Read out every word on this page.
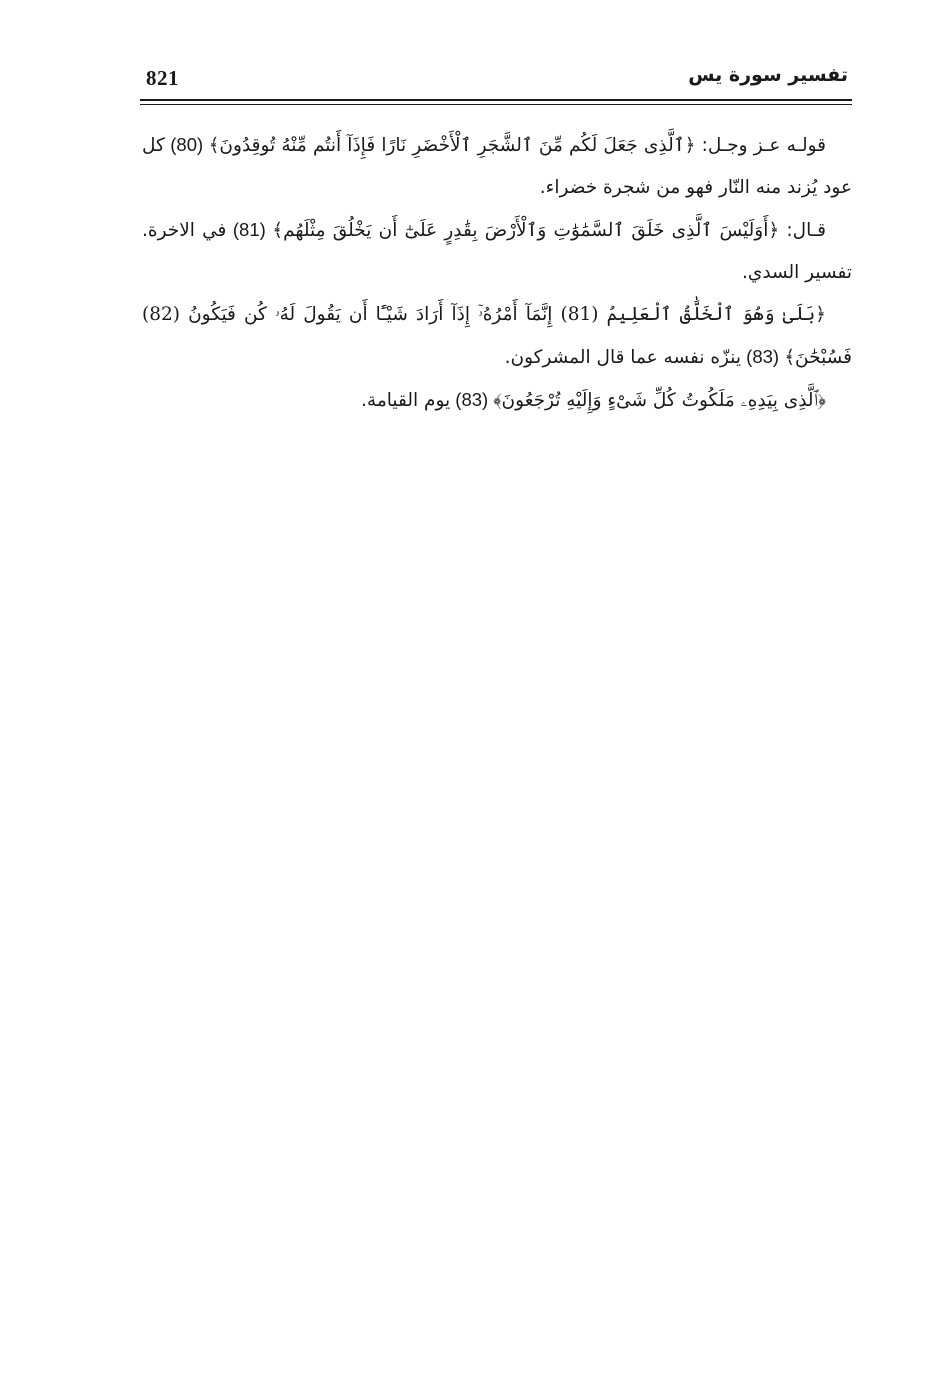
821	تفسير سورة يس

قولـه عـز وجـل: ﴿ٱلَّذِى جَعَلَ لَكُم مِّنَ ٱلشَّجَرِ ٱلْأَخْضَرِ نَارًا فَإِذَآ أَنتُم مِّنْهُ تُوقِدُونَ﴾ (80) كل عود يُزند منه النّار فهو من شجرة خضراء.

قـال: ﴿أَوَلَيْسَ ٱلَّذِى خَلَقَ ٱلسَّمَٰوَٰتِ وَٱلْأَرْضَ بِقَٰدِرٍ عَلَىٰٓ أَن يَخْلُقَ مِثْلَهُم﴾ (81) في الاخرة. تفسير السدي.

﴿بَلَىٰ وَهُوَ ٱلْخَلَّٰقُ ٱلْعَلِيمُ (81) إِنَّمَآ أَمْرُهُۥٓ إِذَآ أَرَادَ شَيْـًٔا أَن يَقُولَ لَهُۥ كُن فَيَكُونُ (82) فَسُبْحَٰنَ﴾ (83) ينزّه نفسه عما قال المشركون.

﴿ٱلَّذِى بِيَدِهِۦ مَلَكُوتُ كُلِّ شَىْءٍ وَإِلَيْهِ تُرْجَعُونَ﴾ (83) يوم القيامة.
